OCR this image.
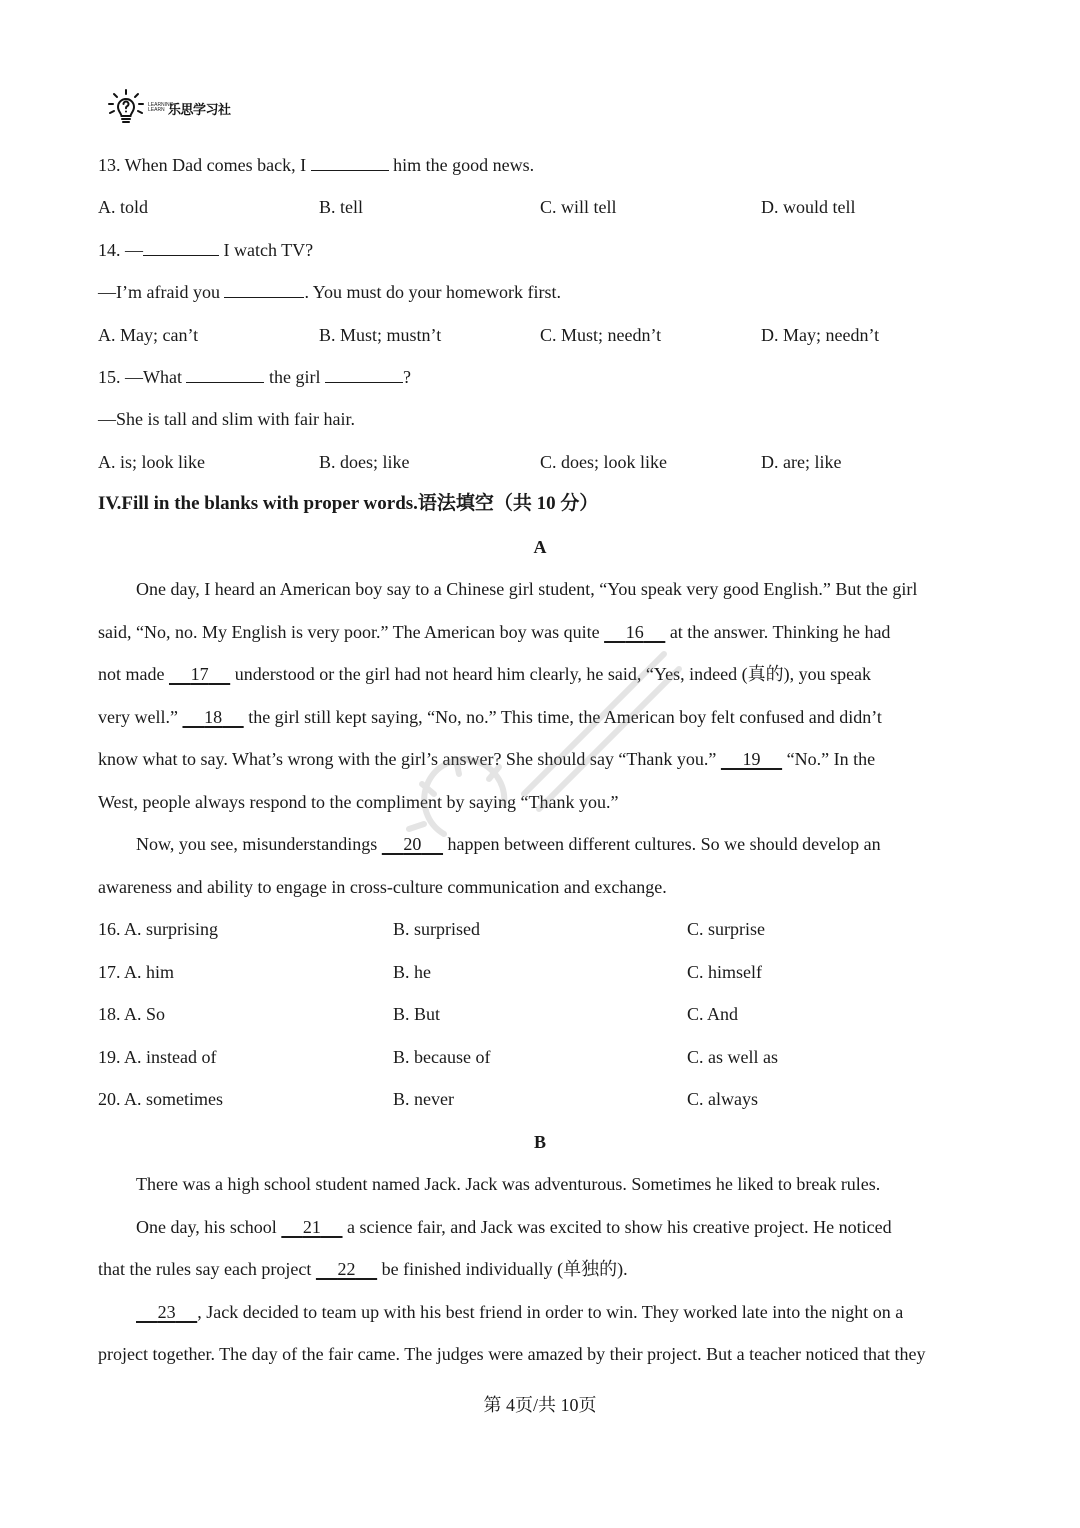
LEARNING LEARN 乐思学习社
13. When Dad comes back, I	him the good news.
A. told	B. tell	C. will tell	D. would tell
14. —	I watch TV?
—I’m afraid you	. You must do your homework first.
A. May; can’t	B. Must; mustn’t	C. Must; needn’t	D. May; needn’t
15. —What	the girl	?
—She is tall and slim with fair hair.
A. is; look like	B. does; like	C. does; look like	D. are; like
IV.Fill in the blanks with proper words.语法填空（共 10 分）
A
One day, I heard an American boy say to a Chinese girl student, “You speak very good English.” But the girl
said, “No, no. My English is very poor.” The American boy was quite   16   at the answer. Thinking he had
not made   17   understood or the girl had not heard him clearly, he said, “Yes, indeed (真的), you speak
very well.”   18   the girl still kept saying, “No, no.” This time, the American boy felt confused and didn’t
know what to say. What’s wrong with the girl’s answer? She should say “Thank you.”   19   “No.” In the
West, people always respond to the compliment by saying “Thank you.”
Now, you see, misunderstandings   20   happen between different cultures. So we should develop an
awareness and ability to engage in cross-culture communication and exchange.
16. A. surprising	B. surprised	C. surprise
17. A. him	B. he	C. himself
18. A. So	B. But	C. And
19. A. instead of	B. because of	C. as well as
20. A. sometimes	B. never	C. always
B
There was a high school student named Jack. Jack was adventurous. Sometimes he liked to break rules.
One day, his school   21   a science fair, and Jack was excited to show his creative project. He noticed
that the rules say each project   22   be finished individually (单独的).
  23   , Jack decided to team up with his best friend in order to win. They worked late into the night on a
project together. The day of the fair came. The judges were amazed by their project. But a teacher noticed that they
第 4页/共 10页
